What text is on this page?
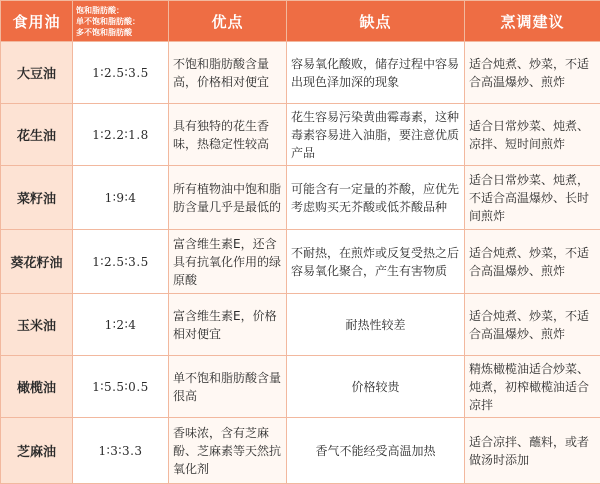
食用油	饱和脂肪酸：
单不饱和脂肪酸：
多不饱和脂肪酸	优点	缺点	烹调建议
大豆油	1∶2.5∶3.5	不饱和脂肪酸含量高，价格相对便宜	容易氧化酸败，储存过程中容易出现色泽加深的现象	适合炖煮、炒菜，不适合高温爆炒、煎炸
花生油	1∶2.2∶1.8	具有独特的花生香味，热稳定性较高	花生容易污染黄曲霉毒素，这种毒素容易进入油脂，要注意优质产品	适合日常炒菜、炖煮、凉拌、短时间煎炸
菜籽油	1∶9∶4	所有植物油中饱和脂肪含量几乎是最低的	可能含有一定量的芥酸，应优先考虑购买无芥酸或低芥酸品种	适合日常炒菜、炖煮，不适合高温爆炒、长时间煎炸
葵花籽油	1∶2.5∶3.5	富含维生素E，还含具有抗氧化作用的绿原酸	不耐热，在煎炸或反复受热之后容易氧化聚合，产生有害物质	适合炖煮、炒菜，不适合高温爆炒、煎炸
玉米油	1∶2∶4	富含维生素E，价格相对便宜	耐热性较差	适合炖煮、炒菜，不适合高温爆炒、煎炸
橄榄油	1∶5.5∶0.5	单不饱和脂肪酸含量很高	价格较贵	精炼橄榄油适合炒菜、炖煮，初榨橄榄油适合凉拌
芝麻油	1∶3∶3.3	香味浓，含有芝麻酚、芝麻素等天然抗氧化剂	香气不能经受高温加热	适合凉拌、蘸料，或者做汤时添加
